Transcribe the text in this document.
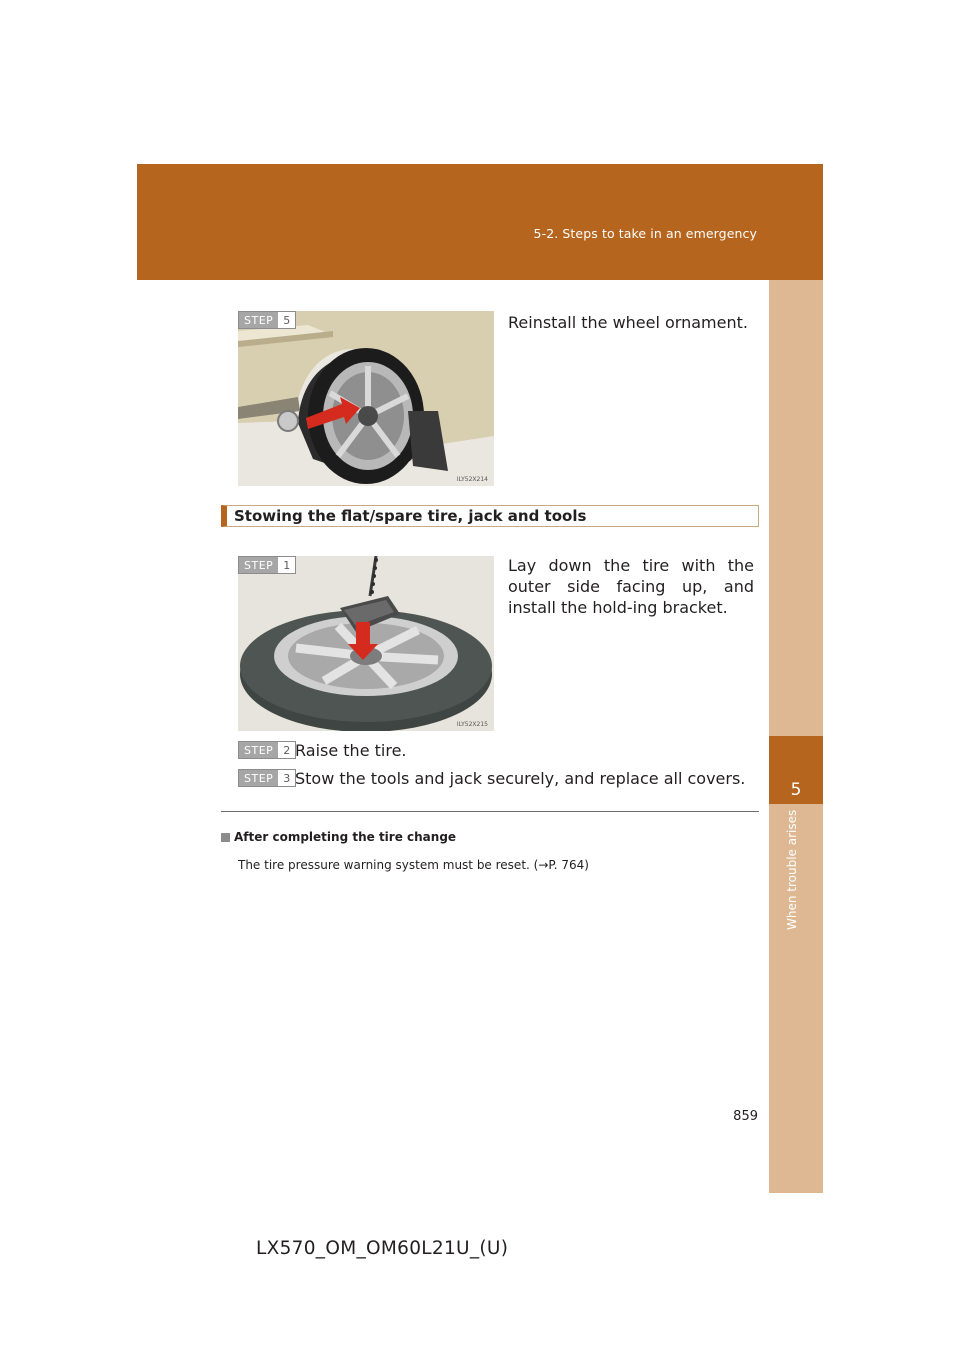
5-2. Steps to take in an emergency
5
When trouble arises
ILY52X214
STEP 5	Reinstall the wheel ornament.
Stowing the flat/spare tire, jack and tools
ILY52X215
STEP 1	Lay down the tire with the outer side facing up, and install the hold-ing bracket.
STEP 2 Raise the tire.
STEP 3 Stow the tools and jack securely, and replace all covers.
After completing the tire change
The tire pressure warning system must be reset. (→P. 764)
859
LX570_OM_OM60L21U_(U)
